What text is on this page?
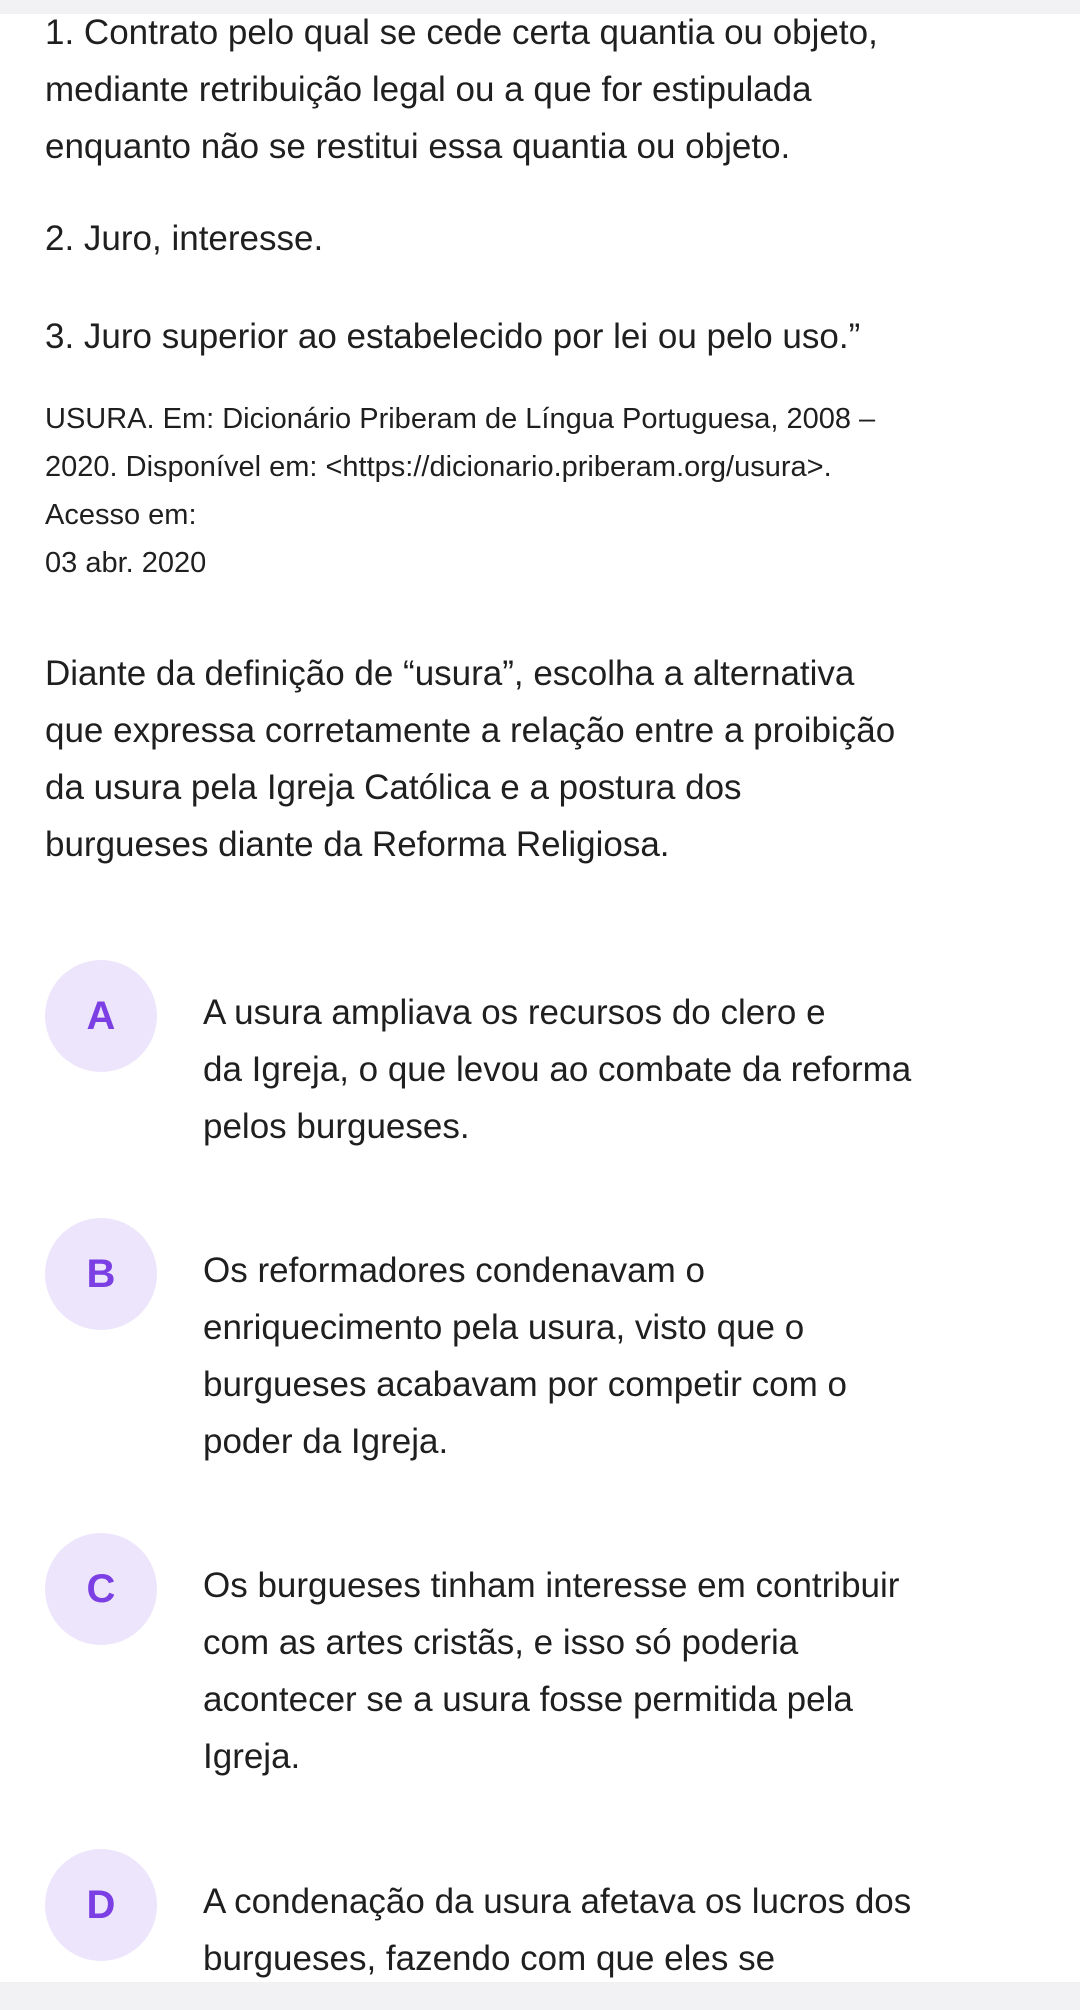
1. Contrato pelo qual se cede certa quantia ou objeto,
mediante retribuição legal ou a que for estipulada
enquanto não se restitui essa quantia ou objeto.

2. Juro, interesse.

3. Juro superior ao estabelecido por lei ou pelo uso.”

USURA. Em: Dicionário Priberam de Língua Portuguesa, 2008 –
2020. Disponível em: <https://dicionario.priberam.org/usura>.
Acesso em:
03 abr. 2020

Diante da definição de “usura”, escolha a alternativa
que expressa corretamente a relação entre a proibição
da usura pela Igreja Católica e a postura dos
burgueses diante da Reforma Religiosa.

A	A usura ampliava os recursos do clero e
da Igreja, o que levou ao combate da reforma
pelos burgueses.

B	Os reformadores condenavam o
enriquecimento pela usura, visto que o
burgueses acabavam por competir com o
poder da Igreja.

C	Os burgueses tinham interesse em contribuir
com as artes cristãs, e isso só poderia
acontecer se a usura fosse permitida pela
Igreja.

D	A condenação da usura afetava os lucros dos
burgueses, fazendo com que eles se
